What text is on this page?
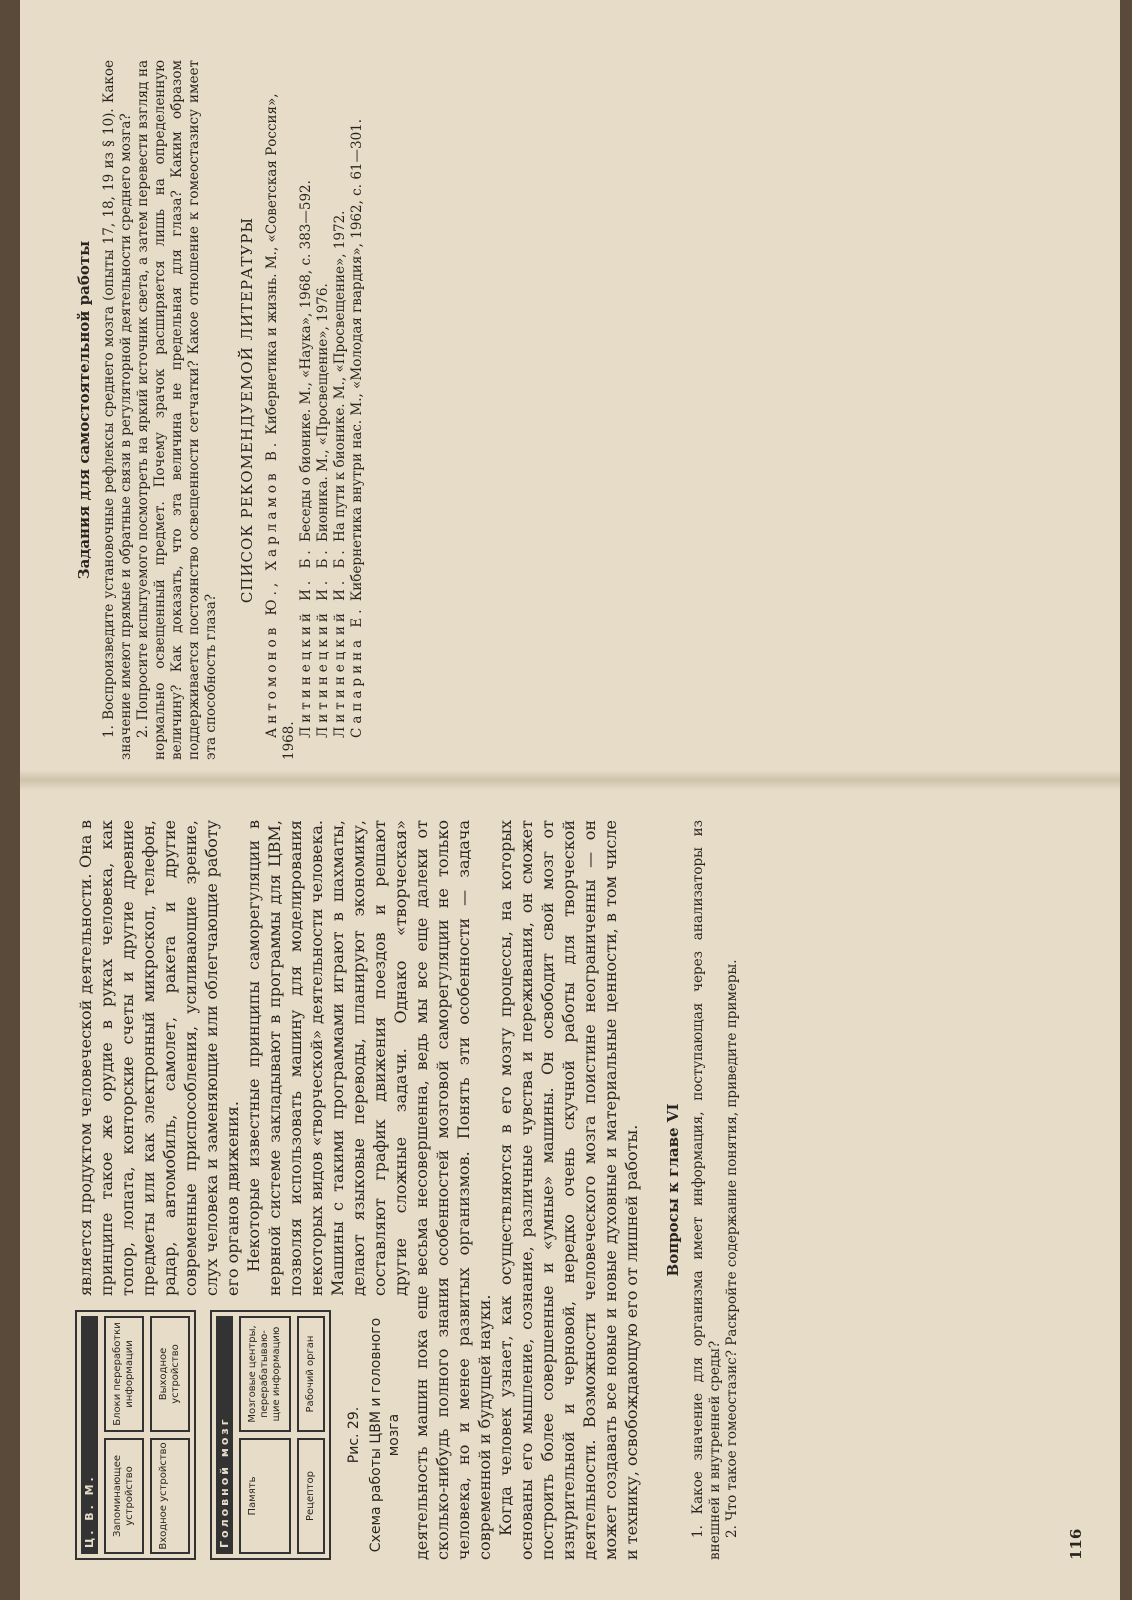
Задания для самостоятельной работы 1. Воспроизведите установочные рефлексы среднего мозга (опыты 17, 18, 19 из § 10). Какое значение имеют прямые и обратные связи в регуляторной деятельности среднего мозга? 2. Попросите испытуемого посмотреть на яркий источник света, а затем перевести взгляд на нормально освещенный предмет. Почему зрачок расширяется лишь на определенную величину? Как доказать, что эта величина не предельная для глаза? Каким образом поддерживается постоянство освещенности сетчатки? Какое отношение к гомеостазису имеет эта способность глаза?

СПИСОК РЕКОМЕНДУЕМОЙ ЛИТЕРАТУРЫ Антомонов Ю., Харламов В. Кибернетика и жизнь. М., «Советская Россия», 1968.

Литинецкий И. Б. Беседы о бионике. М., «Наука», 1968, с. 383—592.

Литинецкий И. Б. Бионика. М., «Просвещение», 1976.

Литинецкий И. Б. На пути к бионике. М., «Просвещение», 1972.

Сапарина Е. Кибернетика внутри нас. М., «Молодая гвардия», 1962, с. 61—301.

Ц. В. М.	Запоминающее устройство
Блоки переработки информации
Входное устройство
Выходное устройство
Головной мозг	Память
Мозговые центры, перерабатываю- щие информацию
Рецептор
Рабочий орган

Рис. 29. Схема работы ЦВМ и головного мозга

является продуктом человеческой деятельности. Она в принципе такое же орудие в руках человека, как топор, лопата, конторские счеты и другие древние предметы или как электронный микроскоп, телефон, радар, автомобиль, самолет, ракета и другие современные приспособления, усиливающие зрение, слух человека и заменяющие или облегчающие работу его органов движения. Некоторые известные принципы саморегуляции в нервной системе закладывают в программы для ЦВМ, позволяя использовать машину для моделирования некоторых видов «творческой» деятельности человека. Машины с такими программами играют в шахматы, делают языковые переводы, планируют экономику, составляют график движения поездов и решают другие сложные задачи. Однако «творческая» деятельность машин пока еще весьма несовершенна, ведь мы все еще далеки от сколько-нибудь полного знания особенностей мозговой саморегуляции не только человека, но и менее развитых организмов. Понять эти особенности — задача современной и будущей науки. Когда человек узнает, как осуществляются в его мозгу процессы, на которых основаны его мышление, сознание, различные чувства и переживания, он сможет построить более совершенные и «умные» машины. Он освободит свой мозг от изнурительной и черновой, нередко очень скучной работы для творческой деятельности. Возможности человеческого мозга поистине неограниченны — он может создавать все новые и новые духовные и материальные ценности, в том числе и технику, освобождающую его от лишней работы. Вопросы к главе VI 1. Какое значение для организма имеет информация, поступающая через анализаторы из внешней и внутренней среды? 2. Что такое гомеостазис? Раскройте содержание понятия, приведите примеры.

116
